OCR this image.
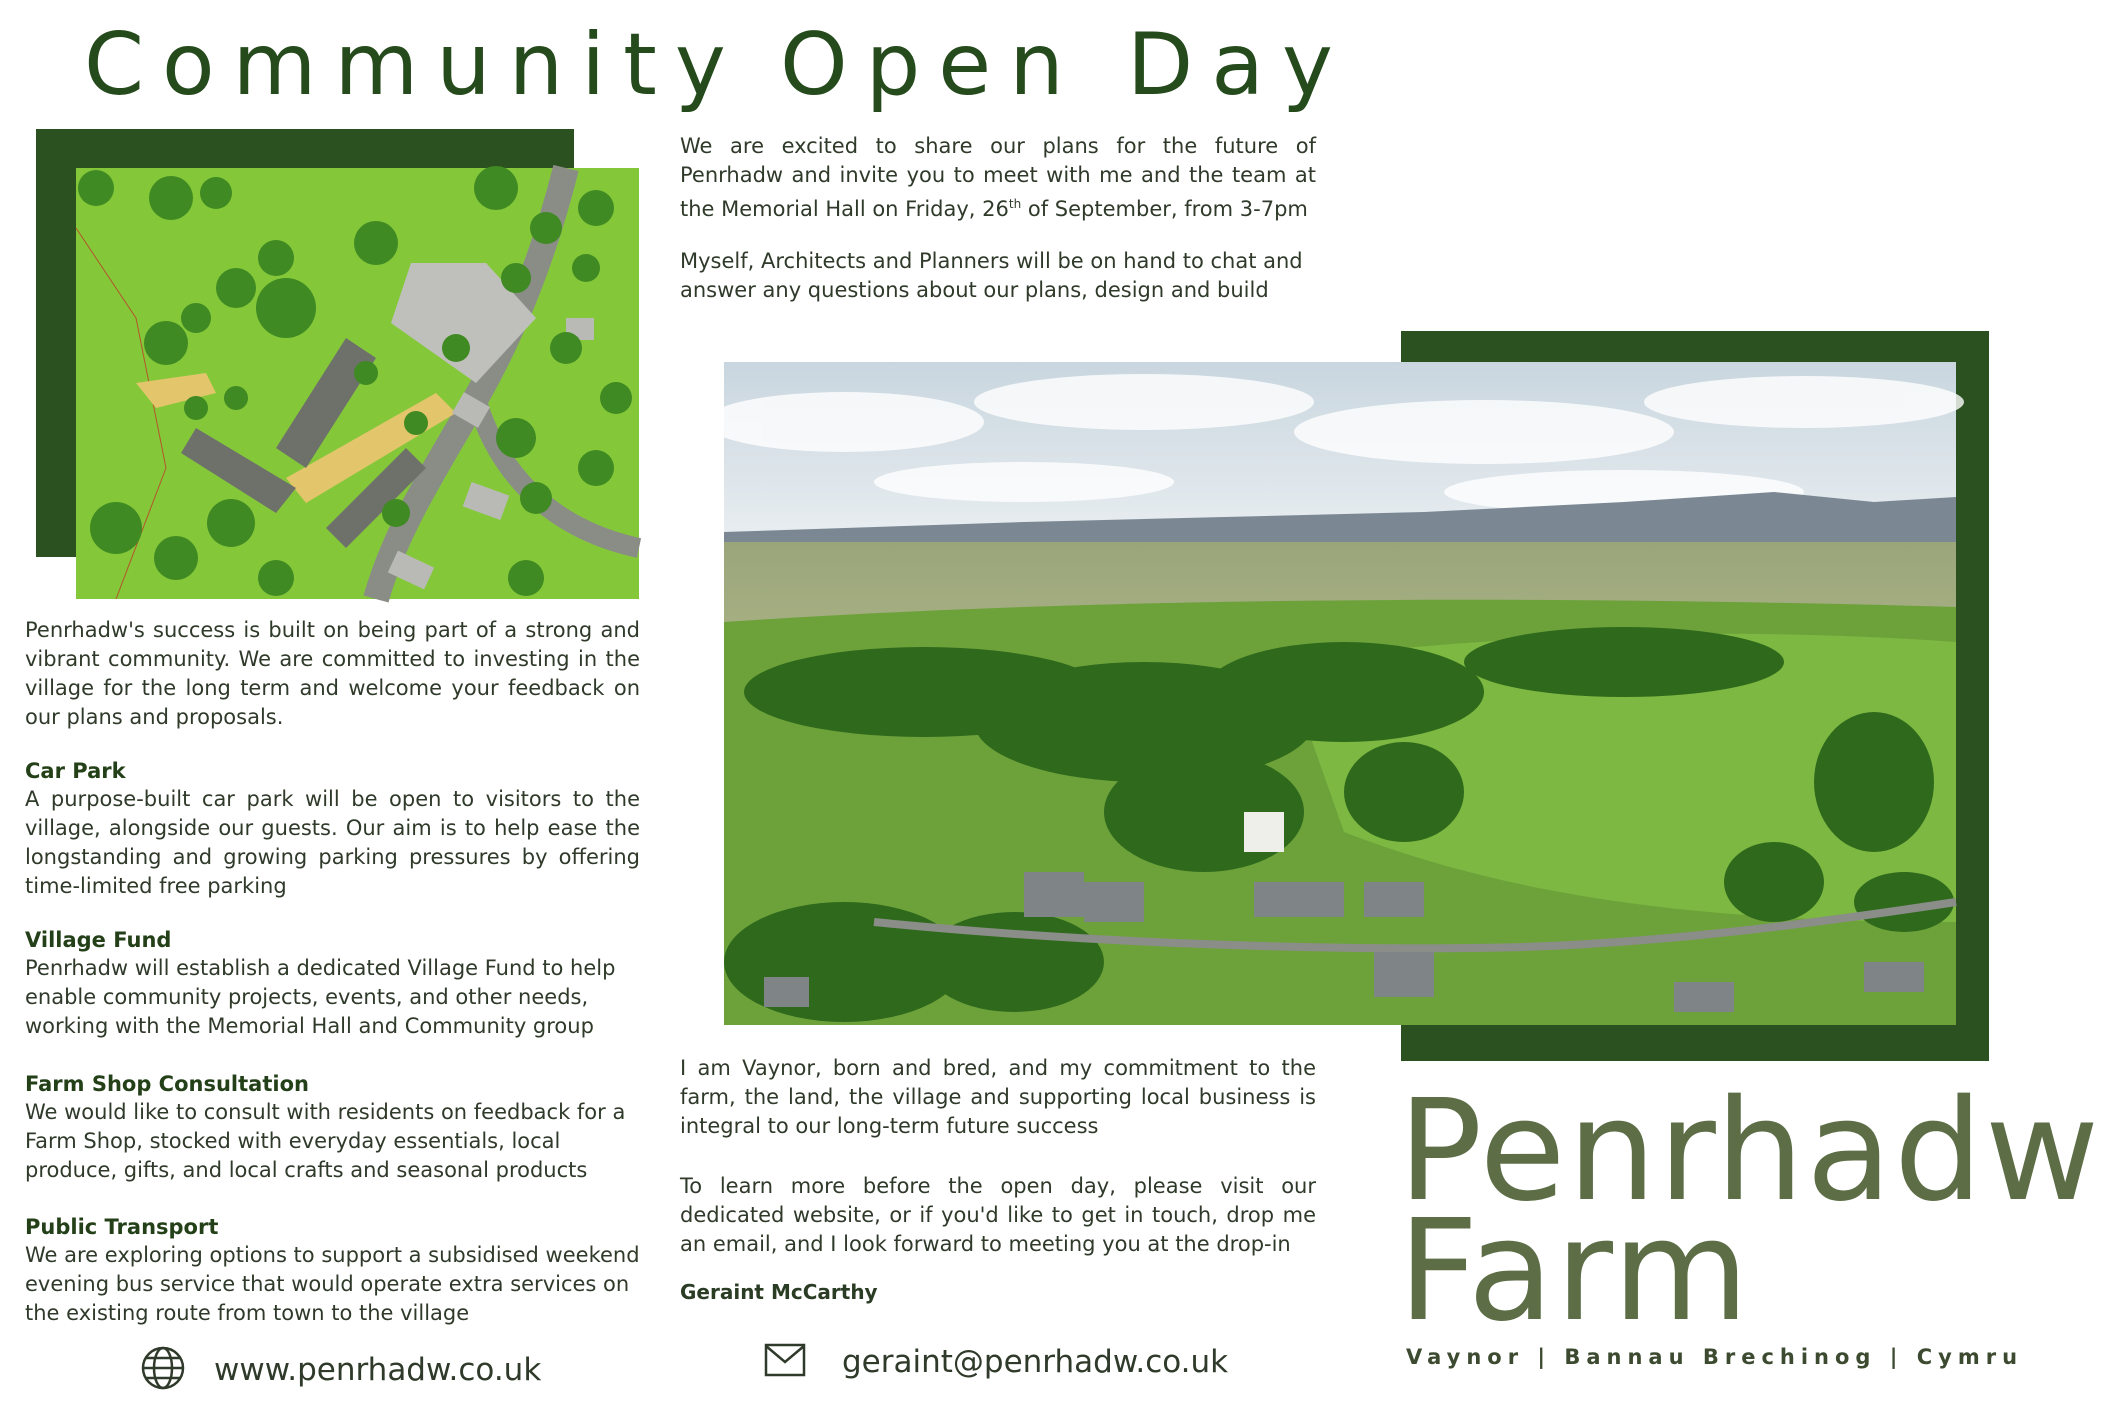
Community Open Day

We are excited to share our plans for the future of Penrhadw and invite you to meet with me and the team at the Memorial Hall on Friday, 26th of September, from 3-7pm

Myself, Architects and Planners will be on hand to chat and answer any questions about our plans, design and build

Penrhadw's success is built on being part of a strong and vibrant community. We are committed to investing in the village for the long term and welcome your feedback on our plans and proposals.

Car Park

A purpose-built car park will be open to visitors to the village, alongside our guests. Our aim is to help ease the longstanding and growing parking pressures by offering time-limited free parking

Village Fund

Penrhadw will establish a dedicated Village Fund to help enable community projects, events, and other needs, working with the Memorial Hall and Community group

Farm Shop Consultation

We would like to consult with residents on feedback for a Farm Shop, stocked with everyday essentials, local produce, gifts, and local crafts and seasonal products

Public Transport

We are exploring options to support a subsidised weekend evening bus service that would operate extra services on the existing route from town to the village

I am Vaynor, born and bred, and my commitment to the farm, the land, the village and supporting local business is integral to our long-term future success

To learn more before the open day, please visit our dedicated website, or if you'd like to get in touch, drop me an email, and I look forward to meeting you at the drop-in

Geraint McCarthy
Penrhadw
Farm
Vaynor | Bannau Brechinog | Cymru
www.penrhadw.co.uk	geraint@penrhadw.co.uk
